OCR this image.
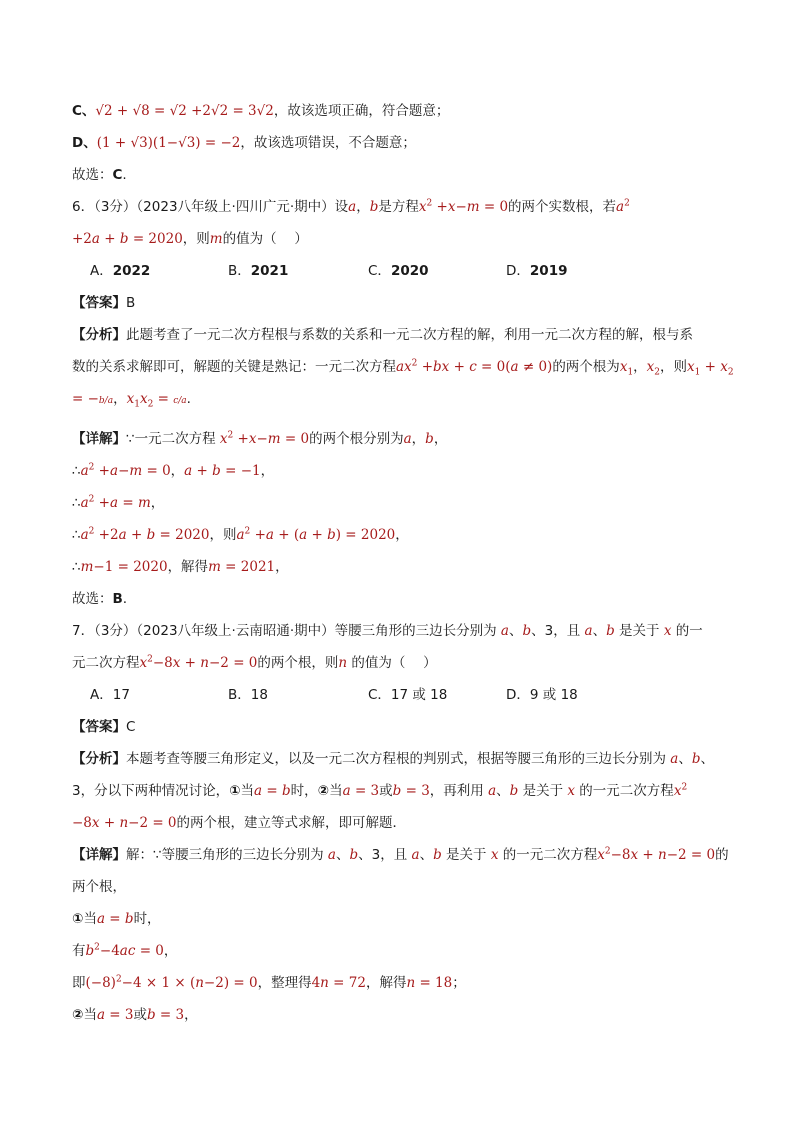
C、√2 + √8 = √2 +2√2 = 3√2，故该选项正确，符合题意；
D、(1 + √3)(1−√3) = −2，故该选项错误，不合题意；
故选：C.
6．（3分）（2023八年级上·四川广元·期中）设a，b是方程$x^2 +x-m = 0$的两个实数根，若$a^2$
+2a + b = 2020，则m的值为（　 ）
A．2022	B．2021	C．2020	D．2019
【答案】B
【分析】此题考查了一元二次方程根与系数的关系和一元二次方程的解，利用一元二次方程的解，根与系
数的关系求解即可，解题的关键是熟记：一元二次方程$ax^2 +bx + c = 0(a \ne 0)$的两个根为$x_1$，$x_2$，则$x_1 + x_2$
= −b/a，$x_1x_2 = c/a$.
【详解】∵一元二次方程 $x^2 +x-m = 0$的两个根分别为a，b，
$\therefore a^2 +a-m = 0$，a + b = −1，
$\therefore a^2 +a = m$，
$\therefore a^2 +2a + b = 2020$，则$a^2 +a + (a + b) = 2020$，
∴m−1 = 2020，解得m = 2021，
故选：B.
7．（3分）（2023八年级上·云南昭通·期中）等腰三角形的三边长分别为 a、b、3，且 a、b 是关于 x 的一
元二次方程$x^2-8x + n-2 = 0$的两个根，则n 的值为（　 ）
A．17	B．18	C．17 或 18	D．9 或 18
【答案】C
【分析】本题考查等腰三角形定义，以及一元二次方程根的判别式，根据等腰三角形的三边长分别为 a、b、
3，分以下两种情况讨论，①当a = b时，②当a = 3或b = 3，再利用 a、b 是关于 x 的一元二次方程$x^2$
−8x + n−2 = 0的两个根，建立等式求解，即可解题．
【详解】解：∵等腰三角形的三边长分别为 a、b、3，且 a、b 是关于 x 的一元二次方程$x^2-8x + n-2 = 0$的
两个根，
①当a = b时，
有$b^2-4ac = 0$，
即$(-8)^2-4 \times 1 \times (n-2) = 0$，整理得4n = 72，解得n = 18；
②当a = 3或b = 3，
